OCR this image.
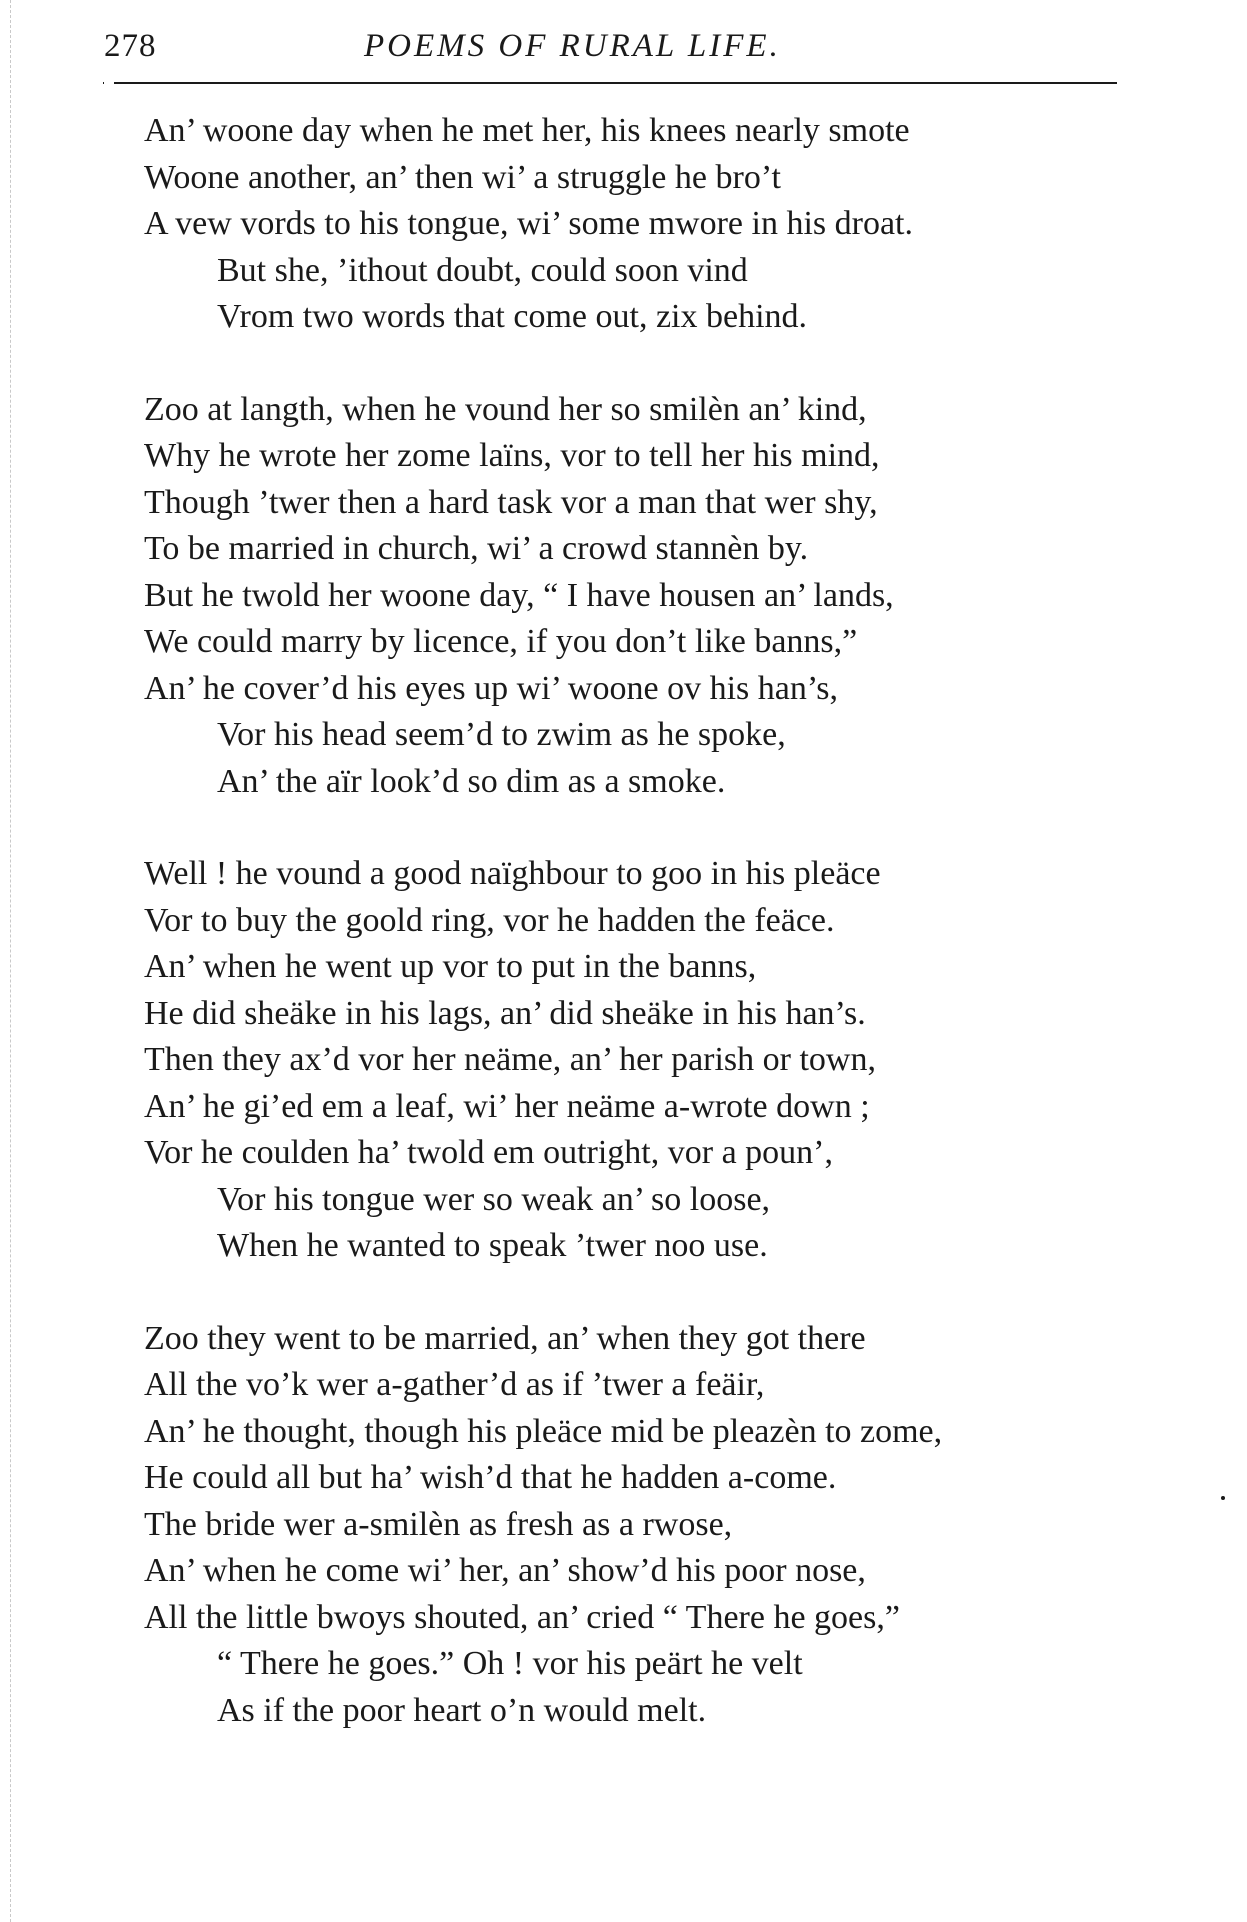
278	POEMS OF RURAL LIFE.
An’ woone day when he met her, his knees nearly smote
Woone another, an’ then wi’ a struggle he bro’t
A vew vords to his tongue, wi’ some mwore in his droat.
But she, ’ithout doubt, could soon vind
Vrom two words that come out, zix behind.
Zoo at langth, when he vound her so smilèn an’ kind,
Why he wrote her zome laïns, vor to tell her his mind,
Though ’twer then a hard task vor a man that wer shy,
To be married in church, wi’ a crowd stannèn by.
But he twold her woone day, “ I have housen an’ lands,
We could marry by licence, if you don’t like banns,”
An’ he cover’d his eyes up wi’ woone ov his han’s,
Vor his head seem’d to zwim as he spoke,
An’ the aïr look’d so dim as a smoke.
Well ! he vound a good naïghbour to goo in his pleäce
Vor to buy the goold ring, vor he hadden the feäce.
An’ when he went up vor to put in the banns,
He did sheäke in his lags, an’ did sheäke in his han’s.
Then they ax’d vor her neäme, an’ her parish or town,
An’ he gi’ed em a leaf, wi’ her neäme a-wrote down ;
Vor he coulden ha’ twold em outright, vor a poun’,
Vor his tongue wer so weak an’ so loose,
When he wanted to speak ’twer noo use.
Zoo they went to be married, an’ when they got there
All the vo’k wer a-gather’d as if ’twer a feäir,
An’ he thought, though his pleäce mid be pleazèn to zome,
He could all but ha’ wish’d that he hadden a-come.
The bride wer a-smilèn as fresh as a rwose,
An’ when he come wi’ her, an’ show’d his poor nose,
All the little bwoys shouted, an’ cried “ There he goes,”
“ There he goes.” Oh ! vor his peärt he velt
As if the poor heart o’n would melt.
